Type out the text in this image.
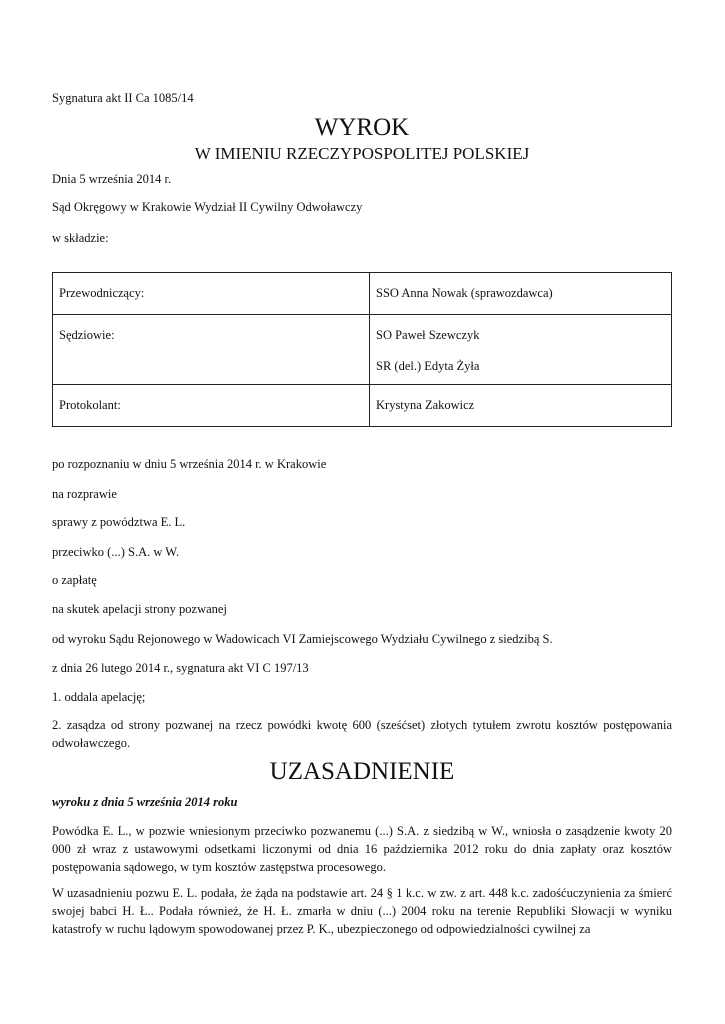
Sygnatura akt II Ca 1085/14
WYROK
W IMIENIU RZECZYPOSPOLITEJ POLSKIEJ
Dnia 5 września 2014 r.
Sąd Okręgowy w Krakowie Wydział II Cywilny Odwoławczy
w składzie:
Przewodniczący:	SSO Anna Nowak (sprawozdawca)
Sędziowie:	SO Paweł Szewczyk
SR (del.) Edyta Żyła

Protokolant:	Krystyna Zakowicz
po rozpoznaniu w dniu 5 września 2014 r. w Krakowie
na rozprawie
sprawy z powództwa E. L.
przeciwko (...) S.A. w W.
o zapłatę
na skutek apelacji strony pozwanej
od wyroku Sądu Rejonowego w Wadowicach VI Zamiejscowego Wydziału Cywilnego z siedzibą S.
z dnia 26 lutego 2014 r., sygnatura akt VI C 197/13
1. oddala apelację;
2. zasądza od strony pozwanej na rzecz powódki kwotę 600 (sześćset) złotych tytułem zwrotu kosztów postępowania odwoławczego.
UZASADNIENIE
wyroku z dnia 5 września 2014 roku
Powódka E. L., w pozwie wniesionym przeciwko pozwanemu (...) S.A. z siedzibą w W., wniosła o zasądzenie kwoty 20 000 zł wraz z ustawowymi odsetkami liczonymi od dnia 16 października 2012 roku do dnia zapłaty oraz kosztów postępowania sądowego, w tym kosztów zastępstwa procesowego.
W uzasadnieniu pozwu E. L. podała, że żąda na podstawie art. 24 § 1 k.c. w zw. z art. 448 k.c. zadośćuczynienia za śmierć swojej babci H. Ł.. Podała również, że H. Ł. zmarła w dniu (...) 2004 roku na terenie Republiki Słowacji w wyniku katastrofy w ruchu lądowym spowodowanej przez P. K., ubezpieczonego od odpowiedzialności cywilnej za
